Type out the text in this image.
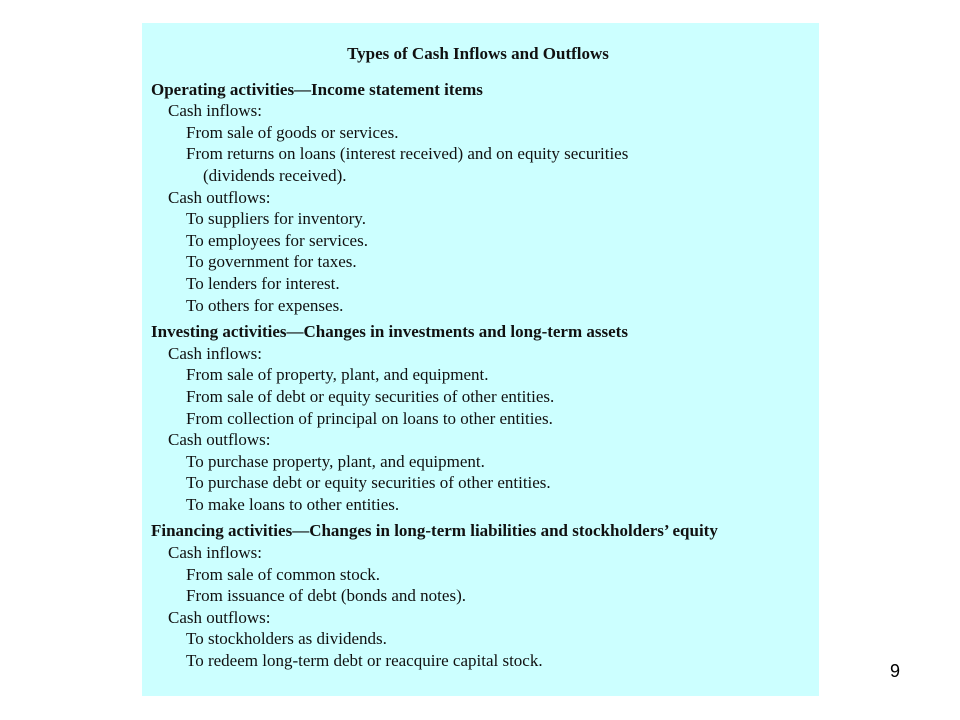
Types of Cash Inflows and Outflows
Operating activities—Income statement items
Cash inflows:
From sale of goods or services.
From returns on loans (interest received) and on equity securities
(dividends received).
Cash outflows:
To suppliers for inventory.
To employees for services.
To government for taxes.
To lenders for interest.
To others for expenses.
Investing activities—Changes in investments and long-term assets
Cash inflows:
From sale of property, plant, and equipment.
From sale of debt or equity securities of other entities.
From collection of principal on loans to other entities.
Cash outflows:
To purchase property, plant, and equipment.
To purchase debt or equity securities of other entities.
To make loans to other entities.
Financing activities—Changes in long-term liabilities and stockholders’ equity
Cash inflows:
From sale of common stock.
From issuance of debt (bonds and notes).
Cash outflows:
To stockholders as dividends.
To redeem long-term debt or reacquire capital stock.
9
